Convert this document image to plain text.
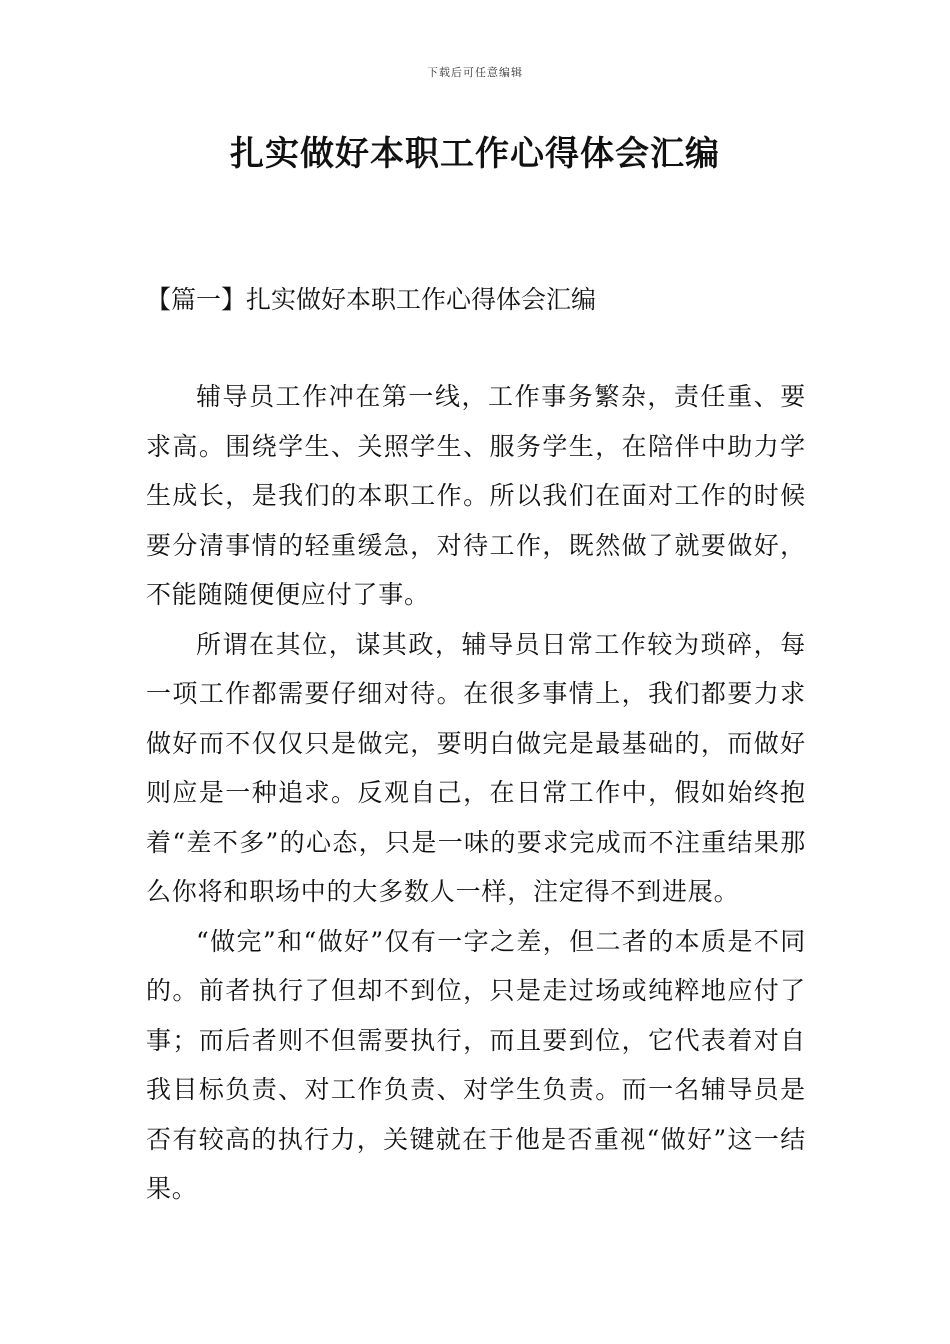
下载后可任意编辑
扎实做好本职工作心得体会汇编
【篇一】扎实做好本职工作心得体会汇编

辅导员工作冲在第一线，工作事务繁杂，责任重、要求高。围绕学生、关照学生、服务学生，在陪伴中助力学生成长，是我们的本职工作。所以我们在面对工作的时候要分清事情的轻重缓急，对待工作，既然做了就要做好，不能随随便便应付了事。

所谓在其位，谋其政，辅导员日常工作较为琐碎，每一项工作都需要仔细对待。在很多事情上，我们都要力求做好而不仅仅只是做完，要明白做完是最基础的，而做好则应是一种追求。反观自己，在日常工作中，假如始终抱着“差不多”的心态，只是一味的要求完成而不注重结果那么你将和职场中的大多数人一样，注定得不到进展。

“做完”和“做好”仅有一字之差，但二者的本质是不同的。前者执行了但却不到位，只是走过场或纯粹地应付了事；而后者则不但需要执行，而且要到位，它代表着对自我目标负责、对工作负责、对学生负责。而一名辅导员是否有较高的执行力，关键就在于他是否重视“做好”这一结果。
